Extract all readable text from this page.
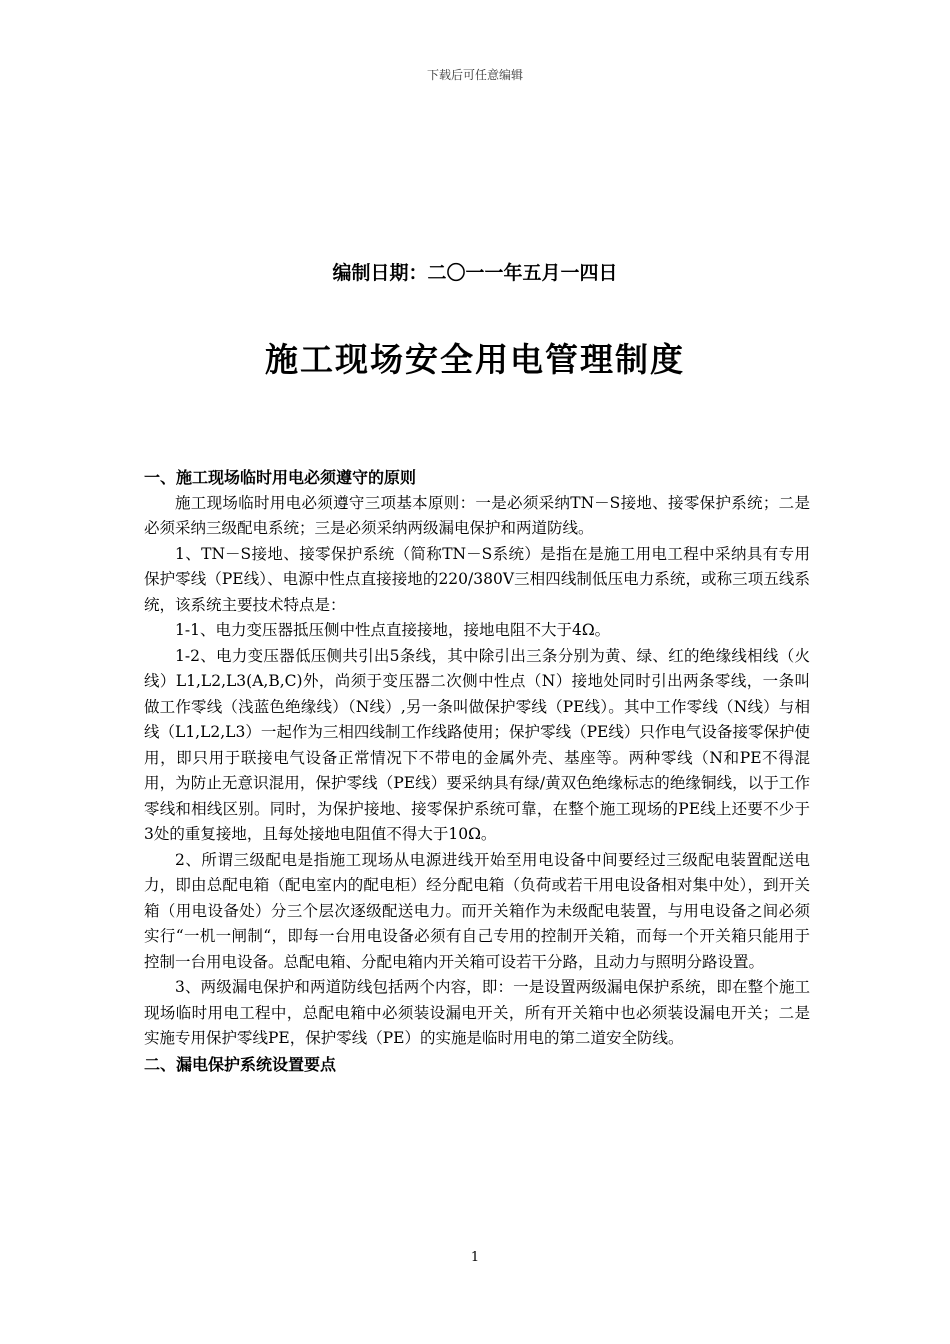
下载后可任意编辑
编制日期：二〇一一年五月一四日
施工现场安全用电管理制度
一、施工现场临时用电必须遵守的原则

施工现场临时用电必须遵守三项基本原则：一是必须采纳TN－S接地、接零保护系统；二是必须采纳三级配电系统；三是必须采纳两级漏电保护和两道防线。

1、TN－S接地、接零保护系统（简称TN－S系统）是指在是施工用电工程中采纳具有专用保护零线（PE线）、电源中性点直接接地的220/380V三相四线制低压电力系统，或称三项五线系统，该系统主要技术特点是：

1-1、电力变压器抵压侧中性点直接接地，接地电阻不大于4Ω。

1-2、电力变压器低压侧共引出5条线，其中除引出三条分别为黄、绿、红的绝缘线相线（火线）L1,L2,L3(A,B,C)外，尚须于变压器二次侧中性点（N）接地处同时引出两条零线，一条叫做工作零线（浅蓝色绝缘线）（N线）,另一条叫做保护零线（PE线）。其中工作零线（N线）与相线（L1,L2,L3）一起作为三相四线制工作线路使用；保护零线（PE线）只作电气设备接零保护使用，即只用于联接电气设备正常情况下不带电的金属外壳、基座等。两种零线（N和PE不得混用，为防止无意识混用，保护零线（PE线）要采纳具有绿/黄双色绝缘标志的绝缘铜线，以于工作零线和相线区别。同时，为保护接地、接零保护系统可靠，在整个施工现场的PE线上还要不少于3处的重复接地，且每处接地电阻值不得大于10Ω。

2、所谓三级配电是指施工现场从电源进线开始至用电设备中间要经过三级配电装置配送电力，即由总配电箱（配电室内的配电柜）经分配电箱（负荷或若干用电设备相对集中处），到开关箱（用电设备处）分三个层次逐级配送电力。而开关箱作为未级配电装置，与用电设备之间必须实行“一机一闸制“，即每一台用电设备必须有自己专用的控制开关箱，而每一个开关箱只能用于控制一台用电设备。总配电箱、分配电箱内开关箱可设若干分路，且动力与照明分路设置。

3、两级漏电保护和两道防线包括两个内容，即：一是设置两级漏电保护系统，即在整个施工现场临时用电工程中，总配电箱中必须装设漏电开关，所有开关箱中也必须装设漏电开关；二是实施专用保护零线PE，保护零线（PE）的实施是临时用电的第二道安全防线。

二、漏电保护系统设置要点
1
